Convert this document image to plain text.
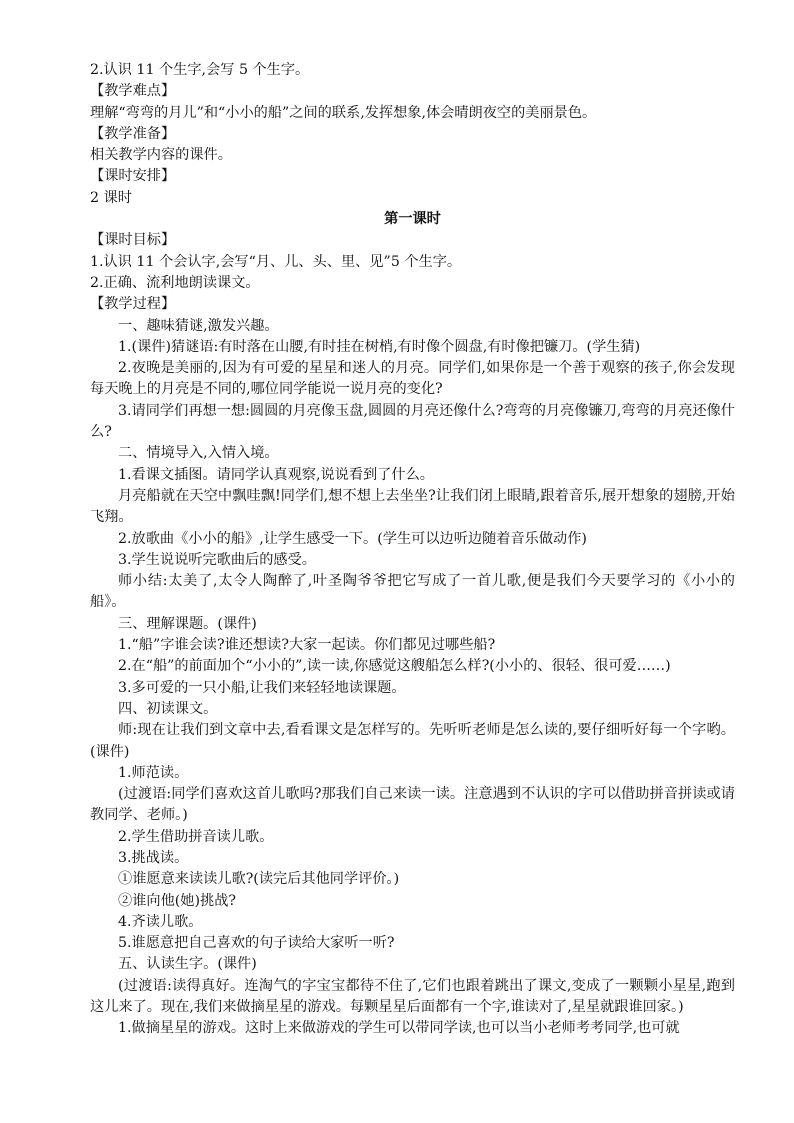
2.认识 11 个生字,会写 5 个生字。
【教学难点】
理解“弯弯的月儿”和“小小的船”之间的联系,发挥想象,体会晴朗夜空的美丽景色。
【教学准备】
相关教学内容的课件。
【课时安排】
2 课时
第一课时
【课时目标】
1.认识 11 个会认字,会写“月、儿、头、里、见”5 个生字。
2.正确、流利地朗读课文。
【教学过程】
一、趣味猜谜,激发兴趣。
1.(课件)猜谜语:有时落在山腰,有时挂在树梢,有时像个圆盘,有时像把镰刀。(学生猜)
2.夜晚是美丽的,因为有可爱的星星和迷人的月亮。同学们,如果你是一个善于观察的孩子,你会发现每天晚上的月亮是不同的,哪位同学能说一说月亮的变化?
3.请同学们再想一想:圆圆的月亮像玉盘,圆圆的月亮还像什么?弯弯的月亮像镰刀,弯弯的月亮还像什么?
二、情境导入,入情入境。
1.看课文插图。请同学认真观察,说说看到了什么。
月亮船就在天空中飘哇飘!同学们,想不想上去坐坐?让我们闭上眼睛,跟着音乐,展开想象的翅膀,开始飞翔。
2.放歌曲《小小的船》,让学生感受一下。(学生可以边听边随着音乐做动作)
3.学生说说听完歌曲后的感受。
师小结:太美了,太令人陶醉了,叶圣陶爷爷把它写成了一首儿歌,便是我们今天要学习的《小小的船》。
三、理解课题。(课件)
1.“船”字谁会读?谁还想读?大家一起读。你们都见过哪些船?
2.在“船”的前面加个“小小的”,读一读,你感觉这艘船怎么样?(小小的、很轻、很可爱……)
3.多可爱的一只小船,让我们来轻轻地读课题。
四、初读课文。
师:现在让我们到文章中去,看看课文是怎样写的。先听听老师是怎么读的,要仔细听好每一个字哟。(课件)
1.师范读。
(过渡语:同学们喜欢这首儿歌吗?那我们自己来读一读。注意遇到不认识的字可以借助拼音拼读或请教同学、老师。)
2.学生借助拼音读儿歌。
3.挑战读。
①谁愿意来读读儿歌?(读完后其他同学评价。)
②谁向他(她)挑战?
4.齐读儿歌。
5.谁愿意把自己喜欢的句子读给大家听一听?
五、认读生字。(课件)
(过渡语:读得真好。连淘气的字宝宝都待不住了,它们也跟着跳出了课文,变成了一颗颗小星星,跑到这儿来了。现在,我们来做摘星星的游戏。每颗星星后面都有一个字,谁读对了,星星就跟谁回家。)
1.做摘星星的游戏。这时上来做游戏的学生可以带同学读,也可以当小老师考考同学,也可就
